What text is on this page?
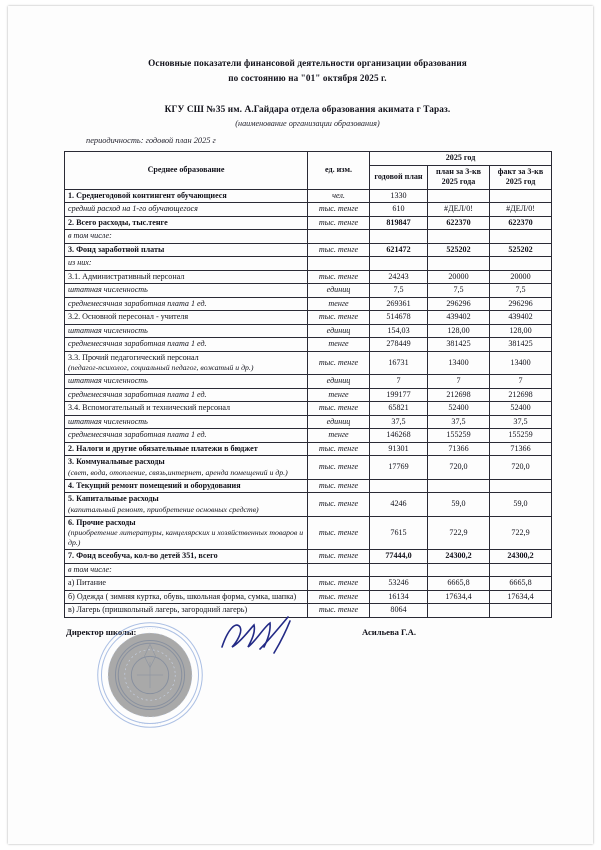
Основные показатели финансовой деятельности организации образования
по состоянию на "01" октября 2025 г.
КГУ СШ №35 им. А.Гайдара отдела образования акимата г Тараз.
(наименование организации образования)
периодичность: годовой план 2025 г
Среднее образование	ед. изм.	2025 год		
		годовой план	план за 3-кв 2025 года	факт за 3-кв 2025 год
1. Среднегодовой контингент обучающиеся	чел.	1330		
средний расход на 1-го обучающегося	тыс. тенге	610	#ДЕЛ/0!	#ДЕЛ/0!
2. Всего расходы, тыс.тенге	тыс. тенге	819847	622370	622370
в том числе:				
3. Фонд заработной платы	тыс. тенге	621472	525202	525202
из них:				
3.1. Административный персонал	тыс. тенге	24243	20000	20000
штатная численность	единиц	7,5	7,5	7,5
среднемесячная заработная плата 1 ед.	тенге	269361	296296	296296
3.2. Основной пересонал - учителя	тыс. тенге	514678	439402	439402
штатная численность	единиц	154,03	128,00	128,00
среднемесячная заработная плата 1 ед.	тенге	278449	381425	381425
3.3. Прочий педагогический персонал
(педагог-психолог, социальный педагог, вожатый и др.)	тыс. тенге	16731	13400	13400
штатная численность	единиц	7	7	7
среднемесячная заработная плата 1 ед.	тенге	199177	212698	212698
3.4. Вспомогательный и технический персонал	тыс. тенге	65821	52400	52400
штатная численность	единиц	37,5	37,5	37,5
среднемесячная заработная плата 1 ед.	тенге	146268	155259	155259
2. Налоги и другие обязательные платежи в бюджет	тыс. тенге	91301	71366	71366
3. Коммунальные расходы
(свет, вода, отопление, связь,интернет, аренда помещений и др.)	тыс. тенге	17769	720,0	720,0
4. Текущий ремонт помещений и оборудования	тыс. тенге			
5. Капитальные расходы
(капитальный ремонт, приобретение основных средств)	тыс. тенге	4246	59,0	59,0
6. Прочие расходы
(приобретение литературы, канцелярских и хозяйственных товаров и др.)	тыс. тенге	7615	722,9	722,9
7. Фонд всеобуча, кол-во детей 351, всего	тыс. тенге	77444,0	24300,2	24300,2
в том числе:				
а) Питание	тыс. тенге	53246	6665,8	6665,8
б) Одежда ( зимняя куртка, обувь, школьная форма, сумка, шапка)	тыс. тенге	16134	17634,4	17634,4
в) Лагерь (пришкольный лагерь, загородний лагерь)	тыс. тенге	8064		
Директор школы: · · · · · · · · ·
· · · · · · · · ·
Асильева Г.А.
